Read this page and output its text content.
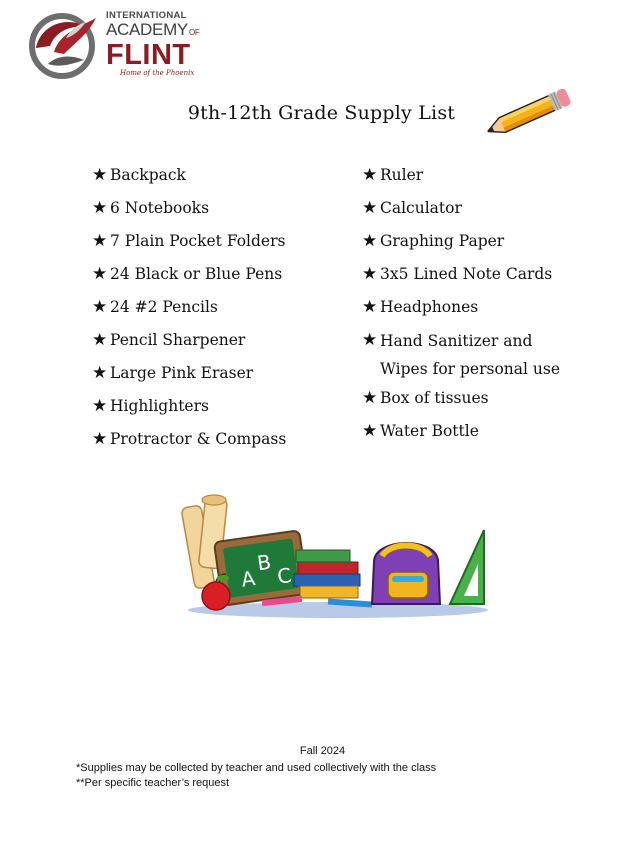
INTERNATIONAL
ACADEMYOF
FLINT
Home of the Phoenix
9th-12th Grade Supply List
★ Backpack
★ 6 Notebooks
★ 7 Plain Pocket Folders
★ 24 Black or Blue Pens
★ 24 #2 Pencils
★ Pencil Sharpener
★ Large Pink Eraser
★ Highlighters
★ Protractor & Compass
★ Ruler
★ Calculator
★ Graphing Paper
★ 3x5 Lined Note Cards
★ Headphones
★ Hand Sanitizer and Wipes for personal use
★ Box of tissues
★ Water Bottle
A
B
C
Fall 2024
*Supplies may be collected by teacher and used collectively with the class
**Per specific teacher’s request
